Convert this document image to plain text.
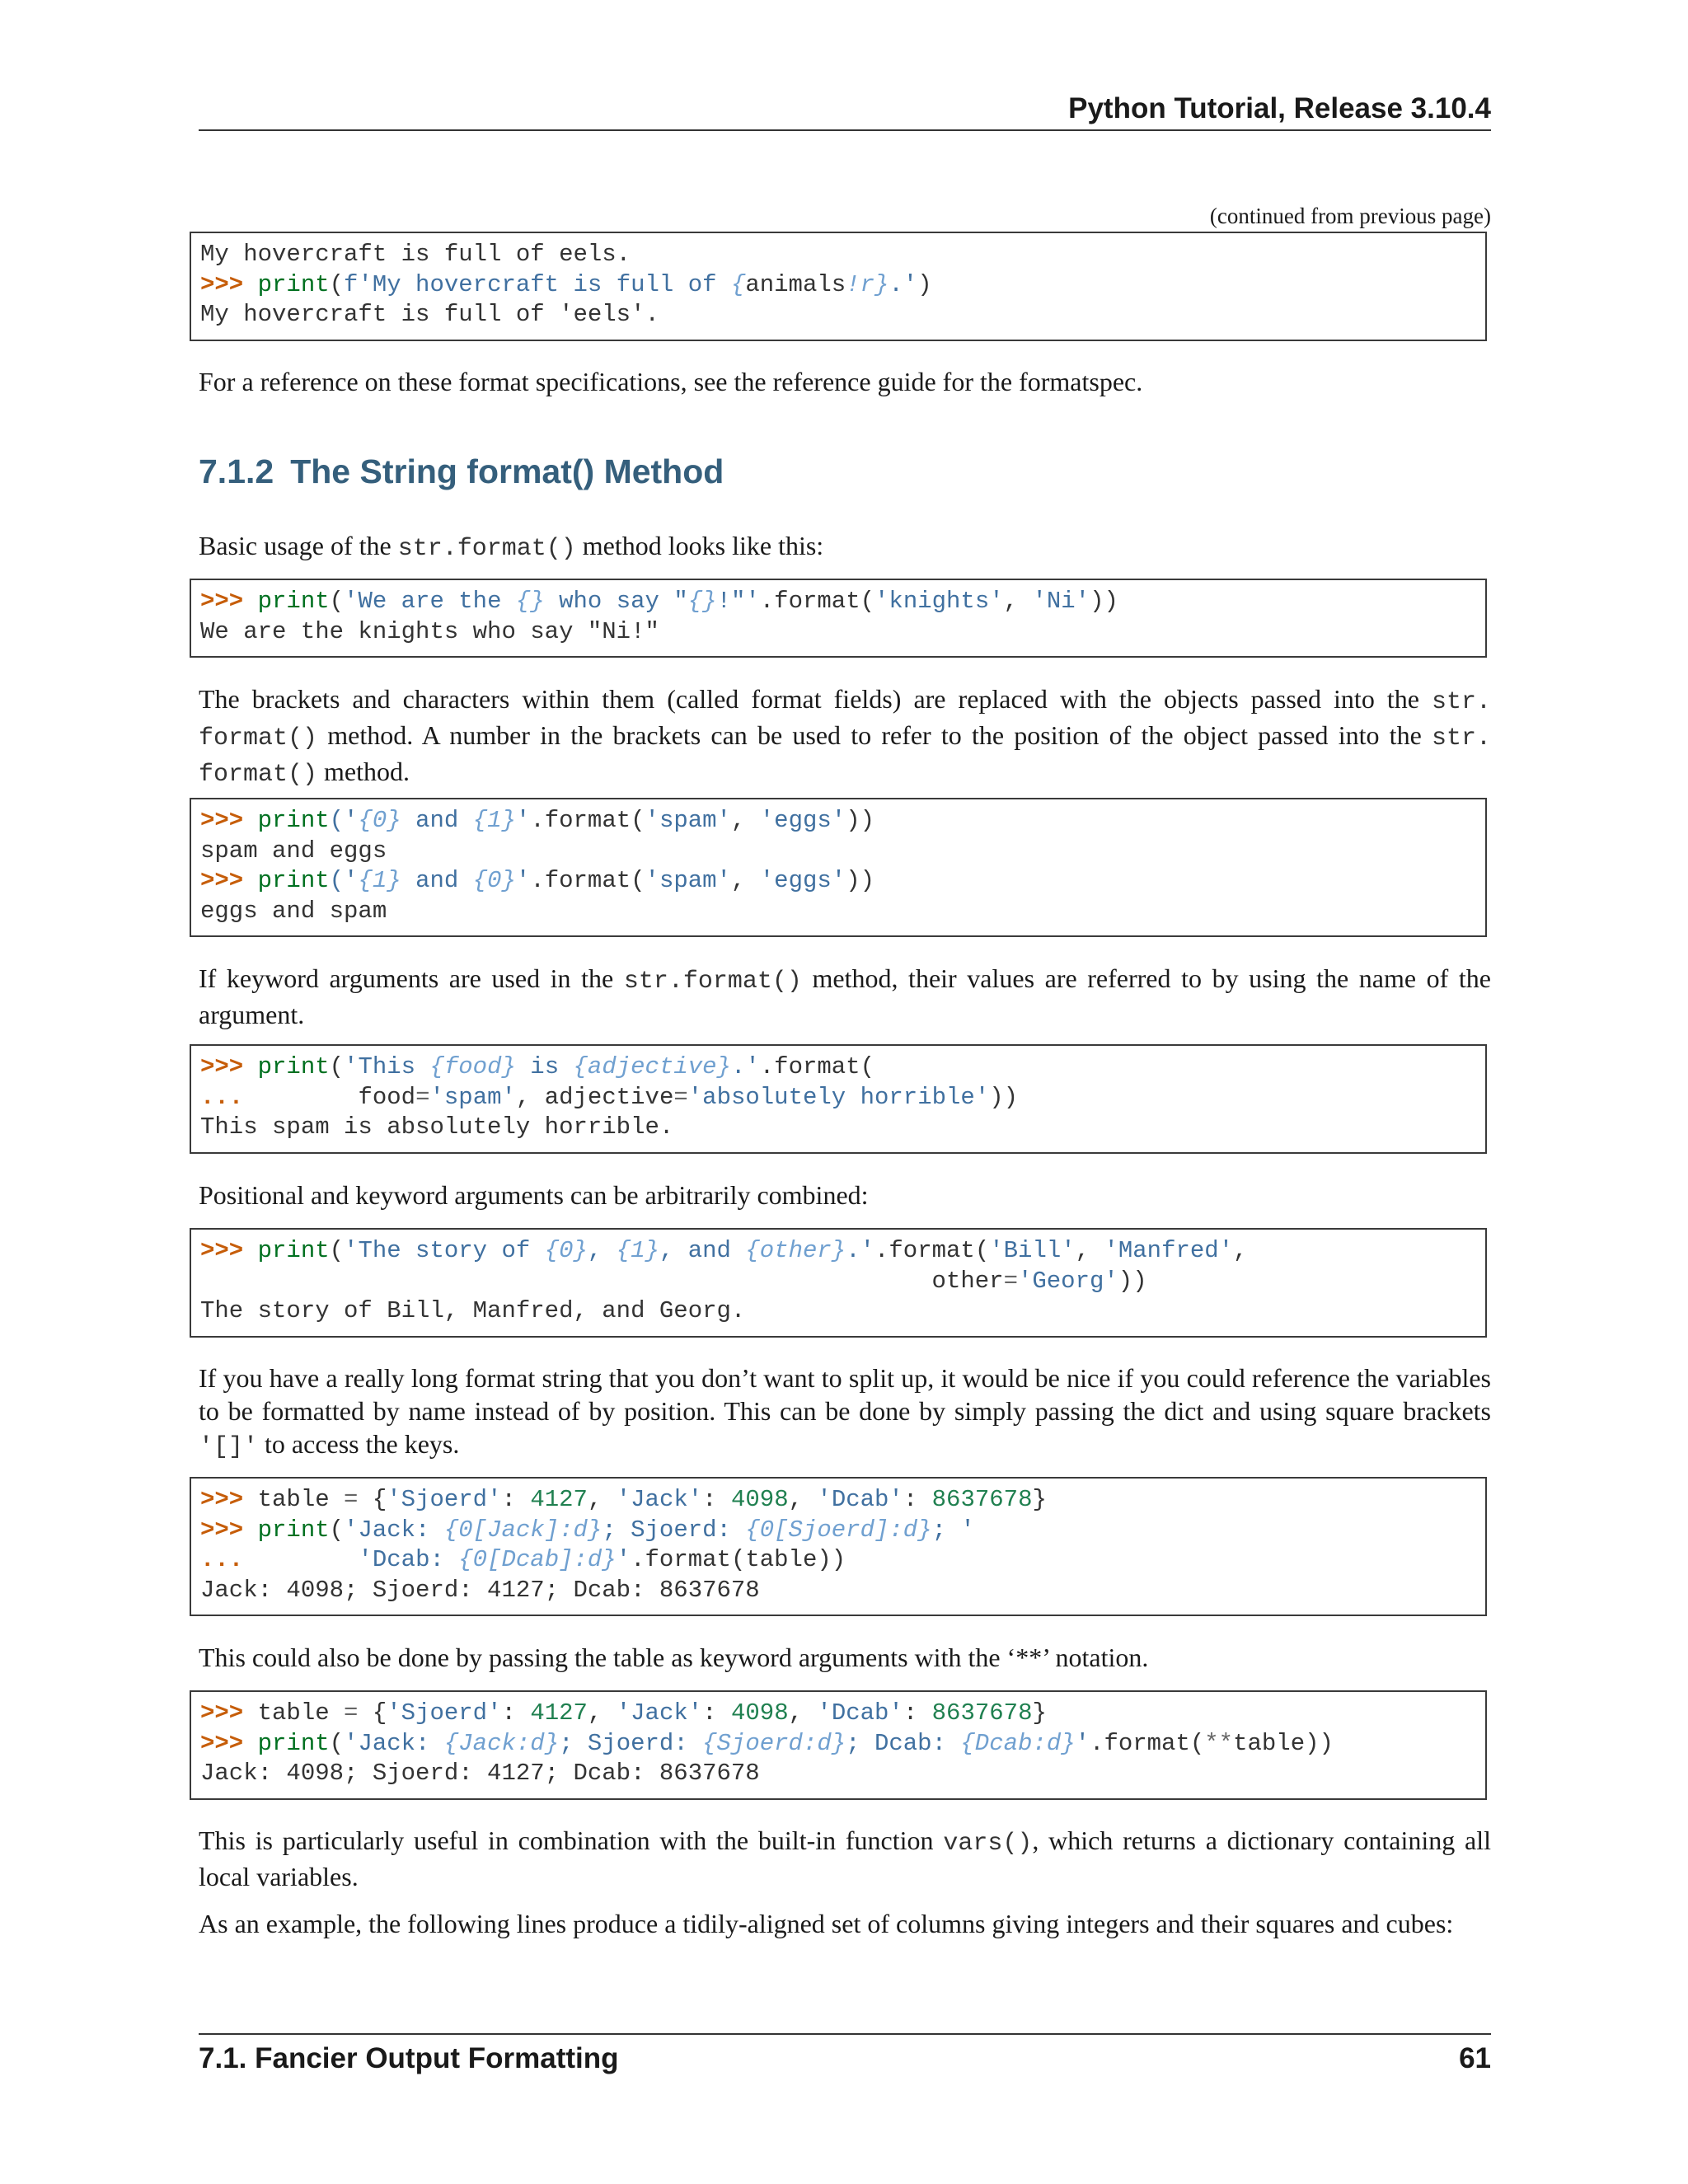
Python Tutorial, Release 3.10.4
(continued from previous page)
My hovercraft is full of eels.
>>> print(f'My hovercraft is full of {animals!r}.')
My hovercraft is full of 'eels'.
For a reference on these format specifications, see the reference guide for the formatspec.
7.1.2 The String format() Method
Basic usage of the str.format() method looks like this:
>>> print('We are the {} who say "{}!"'.format('knights', 'Ni'))
We are the knights who say "Ni!"
The brackets and characters within them (called format fields) are replaced with the objects passed into the str. format() method. A number in the brackets can be used to refer to the position of the object passed into the str. format() method.
>>> print('{0} and {1}'.format('spam', 'eggs'))
spam and eggs
>>> print('{1} and {0}'.format('spam', 'eggs'))
eggs and spam
If keyword arguments are used in the str.format() method, their values are referred to by using the name of the argument.
>>> print('This {food} is {adjective}.'.format(
...	food='spam', adjective='absolutely horrible'))
This spam is absolutely horrible.
Positional and keyword arguments can be arbitrarily combined:
>>> print('The story of {0}, {1}, and {other}.'.format('Bill', 'Manfred',
other='Georg'))
The story of Bill, Manfred, and Georg.
If you have a really long format string that you don’t want to split up, it would be nice if you could reference the variables to be formatted by name instead of by position. This can be done by simply passing the dict and using square brackets '[]' to access the keys.
>>> table = {'Sjoerd': 4127, 'Jack': 4098, 'Dcab': 8637678}
>>> print('Jack: {0[Jack]:d}; Sjoerd: {0[Sjoerd]:d}; '
...	'Dcab: {0[Dcab]:d}'.format(table))
Jack: 4098; Sjoerd: 4127; Dcab: 8637678
This could also be done by passing the table as keyword arguments with the ‘**’ notation.
>>> table = {'Sjoerd': 4127, 'Jack': 4098, 'Dcab': 8637678}
>>> print('Jack: {Jack:d}; Sjoerd: {Sjoerd:d}; Dcab: {Dcab:d}'.format(**table))
Jack: 4098; Sjoerd: 4127; Dcab: 8637678
This is particularly useful in combination with the built-in function vars(), which returns a dictionary containing all local variables.
As an example, the following lines produce a tidily-aligned set of columns giving integers and their squares and cubes:
7.1. Fancier Output Formatting	61
